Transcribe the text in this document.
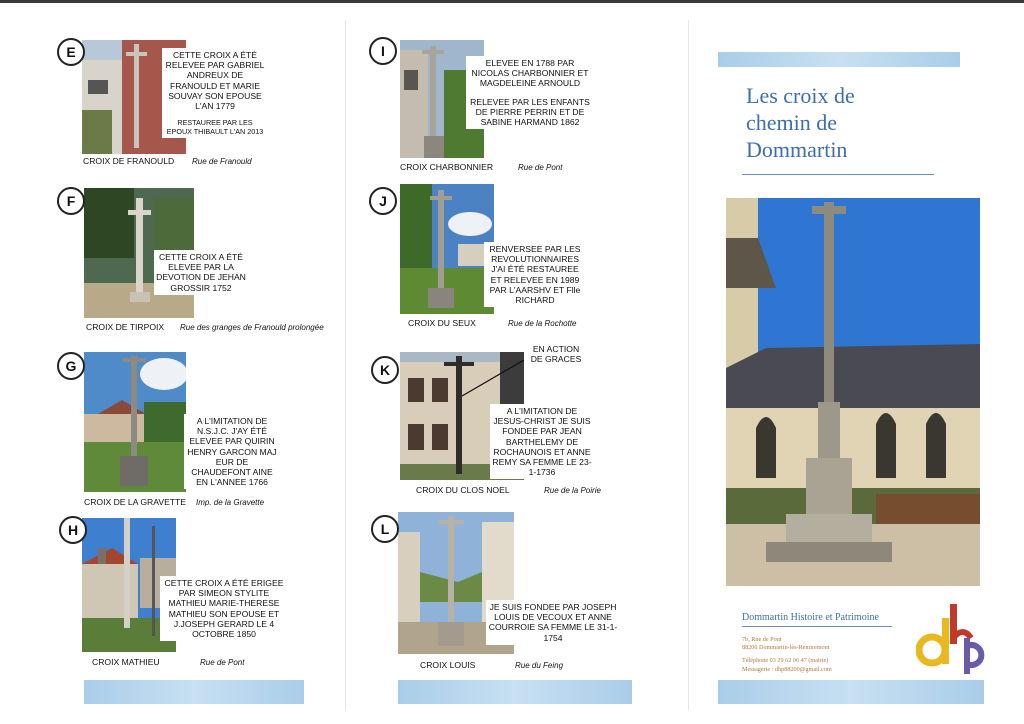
E	CETTE CROIX A ÉTÉ RELEVEE PAR GABRIEL ANDREUX DE FRANOULD ET MARIE SOUVAY SON EPOUSE L'AN 1779

RESTAUREE PAR LES EPOUX THIBAULT L'AN 2013
CROIX DE FRANOULD Rue de Franould
F

CETTE CROIX A ÉTÉ ELEVEE PAR LA DEVOTION DE JEHAN GROSSIR 1752

CROIX DE TIRPOIX Rue des granges de Franould prolongée
G

A L'IMITATION DE N.S.J.C. J'AY ÉTÉ ELEVEE PAR QUIRIN HENRY GARCON MAJ EUR DE CHAUDEFONT AINE EN L'ANNEE 1766

CROIX DE LA GRAVETTE Imp. de la Gravette
H

CETTE CROIX A ÉTÉ ERIGEE PAR SIMEON STYLITE MATHIEU MARIE-THERESE MATHIEU SON EPOUSE ET J.JOSEPH GERARD LE 4 OCTOBRE 1850

CROIX MATHIEU	Rue de Pont
I

ELEVEE EN 1788 PAR NICOLAS CHARBONNIER ET MAGDELEINE ARNOULD

RELEVEE PAR LES ENFANTS DE PIERRE PERRIN ET DE SABINE HARMAND 1862

CROIX CHARBONNIER	Rue de Pont
J

RENVERSEE PAR LES REVOLUTIONNAIRES J'AI ÉTÉ RESTAUREE ET RELEVEE EN 1989 PAR L'AARSHV ET Flle RICHARD

CROIX DU SEUX	Rue de la Rochotte
K

EN ACTION DE GRACES

A L'IMITATION DE JESUS-CHRIST JE SUIS FONDEE PAR JEAN BARTHELEMY DE ROCHAUNOIS ET ANNE REMY SA FEMME LE 23-1-1736

CROIX DU CLOS NOEL	Rue de la Poirie
L

JE SUIS FONDEE PAR JOSEPH LOUIS DE VECOUX ET ANNE COURROIE SA FEMME LE 31-1-1754

CROIX LOUIS	Rue du Feing
Les croix de
chemin de
Dommartin
Dommartin Histoire et Patrimoine
7b, Rue de Pont
88200 Dommartin-lès-Remiremont
Téléphone 03 29 62 06 47 (mairie)
Messagerie : dhp88200@gmail.com
